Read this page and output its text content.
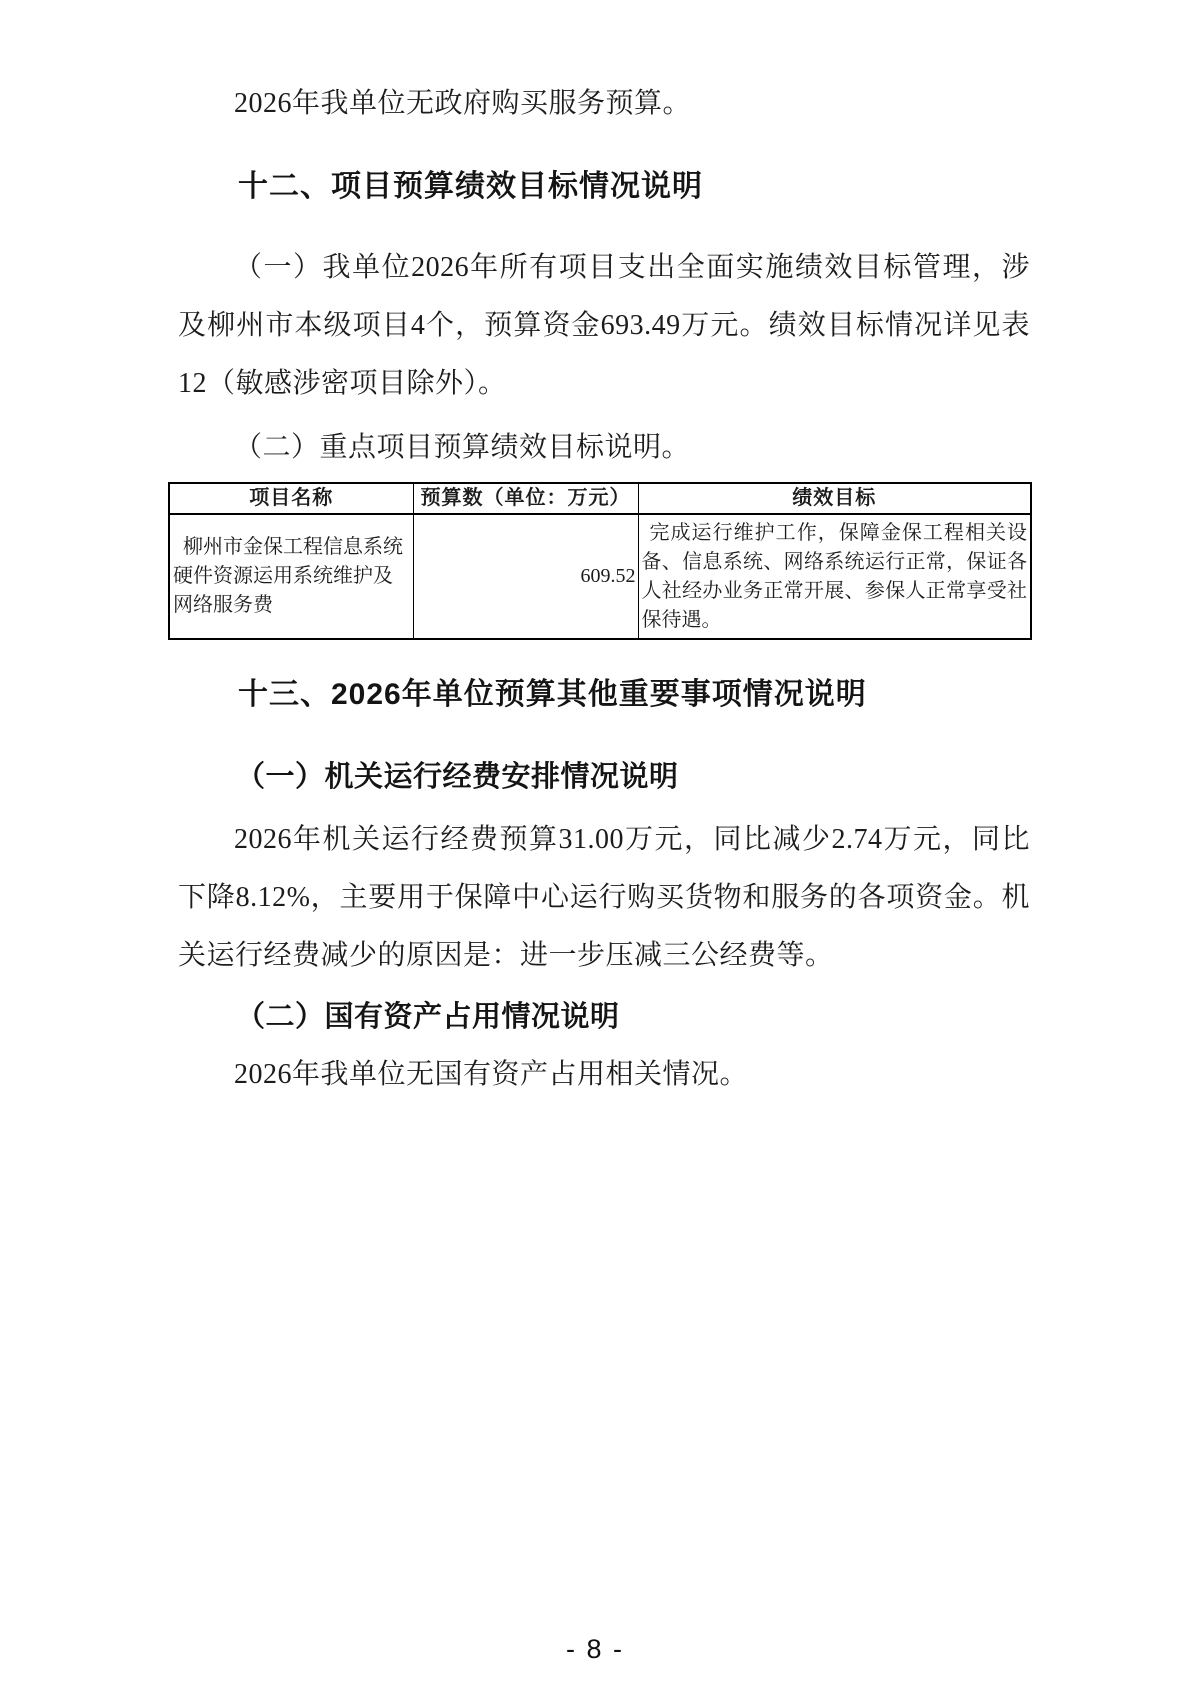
2026年我单位无政府购买服务预算。

十二、项目预算绩效目标情况说明

（一）我单位2026年所有项目支出全面实施绩效目标管理，涉及柳州市本级项目4个，预算资金693.49万元。绩效目标情况详见表12（敏感涉密项目除外）。

（二）重点项目预算绩效目标说明。

项目名称	预算数（单位：万元）	绩效目标
柳州市金保工程信息系统硬件资源运用系统维护及网络服务费	609.52	完成运行维护工作，保障金保工程相关设备、信息系统、网络系统运行正常，保证各人社经办业务正常开展、参保人正常享受社保待遇。
十三、2026年单位预算其他重要事项情况说明
（一）机关运行经费安排情况说明

2026年机关运行经费预算31.00万元，同比减少2.74万元，同比下降8.12%，主要用于保障中心运行购买货物和服务的各项资金。机关运行经费减少的原因是：进一步压减三公经费等。

（二）国有资产占用情况说明

2026年我单位无国有资产占用相关情况。

- 8 -
